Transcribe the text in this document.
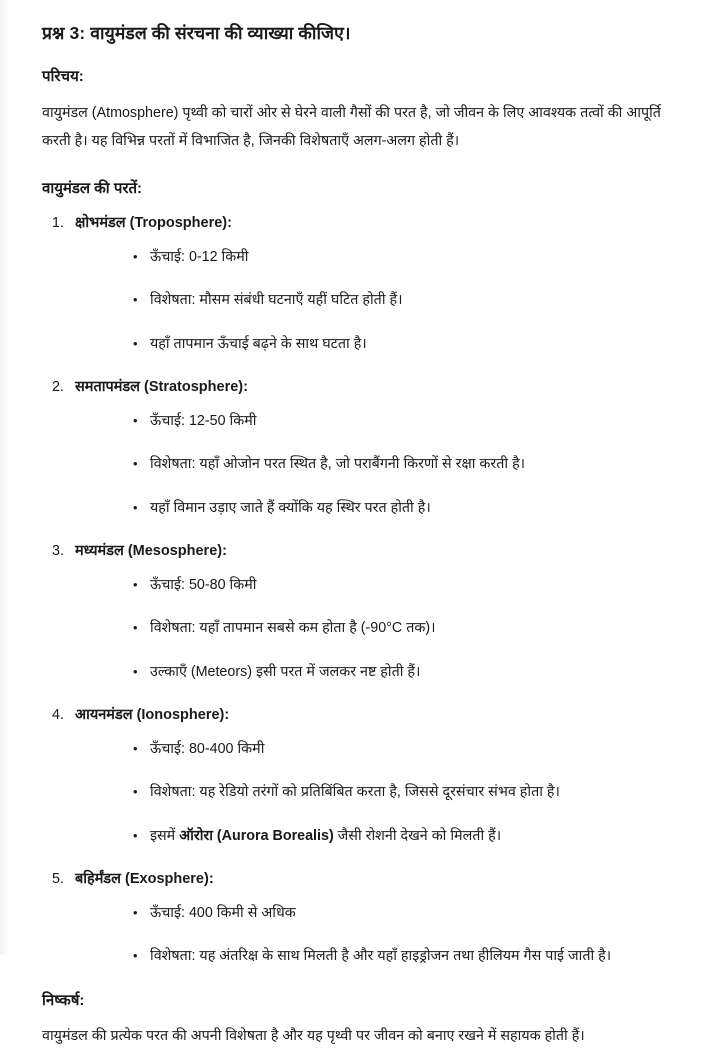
प्रश्न 3: वायुमंडल की संरचना की व्याख्या कीजिए।
परिचय:

वायुमंडल (Atmosphere) पृथ्वी को चारों ओर से घेरने वाली गैसों की परत है, जो जीवन के लिए आवश्यक तत्वों की आपूर्ति करती है। यह विभिन्न परतों में विभाजित है, जिनकी विशेषताएँ अलग-अलग होती हैं।

वायुमंडल की परतें:
1. क्षोभमंडल (Troposphere):
• ऊँचाई: 0-12 किमी
• विशेषता: मौसम संबंधी घटनाएँ यहीं घटित होती हैं।
• यहाँ तापमान ऊँचाई बढ़ने के साथ घटता है।
2. समतापमंडल (Stratosphere):
• ऊँचाई: 12-50 किमी
• विशेषता: यहाँ ओजोन परत स्थित है, जो पराबैंगनी किरणों से रक्षा करती है।
• यहाँ विमान उड़ाए जाते हैं क्योंकि यह स्थिर परत होती है।
3. मध्यमंडल (Mesosphere):
• ऊँचाई: 50-80 किमी
• विशेषता: यहाँ तापमान सबसे कम होता है (-90°C तक)।
• उल्काएँ (Meteors) इसी परत में जलकर नष्ट होती हैं।
4. आयनमंडल (Ionosphere):
• ऊँचाई: 80-400 किमी
• विशेषता: यह रेडियो तरंगों को प्रतिबिंबित करता है, जिससे दूरसंचार संभव होता है।
• इसमें ऑरोरा (Aurora Borealis) जैसी रोशनी देखने को मिलती हैं।
5. बहिर्मंडल (Exosphere):
• ऊँचाई: 400 किमी से अधिक
• विशेषता: यह अंतरिक्ष के साथ मिलती है और यहाँ हाइड्रोजन तथा हीलियम गैस पाई जाती है।
निष्कर्ष:

वायुमंडल की प्रत्येक परत की अपनी विशेषता है और यह पृथ्वी पर जीवन को बनाए रखने में सहायक होती हैं।
